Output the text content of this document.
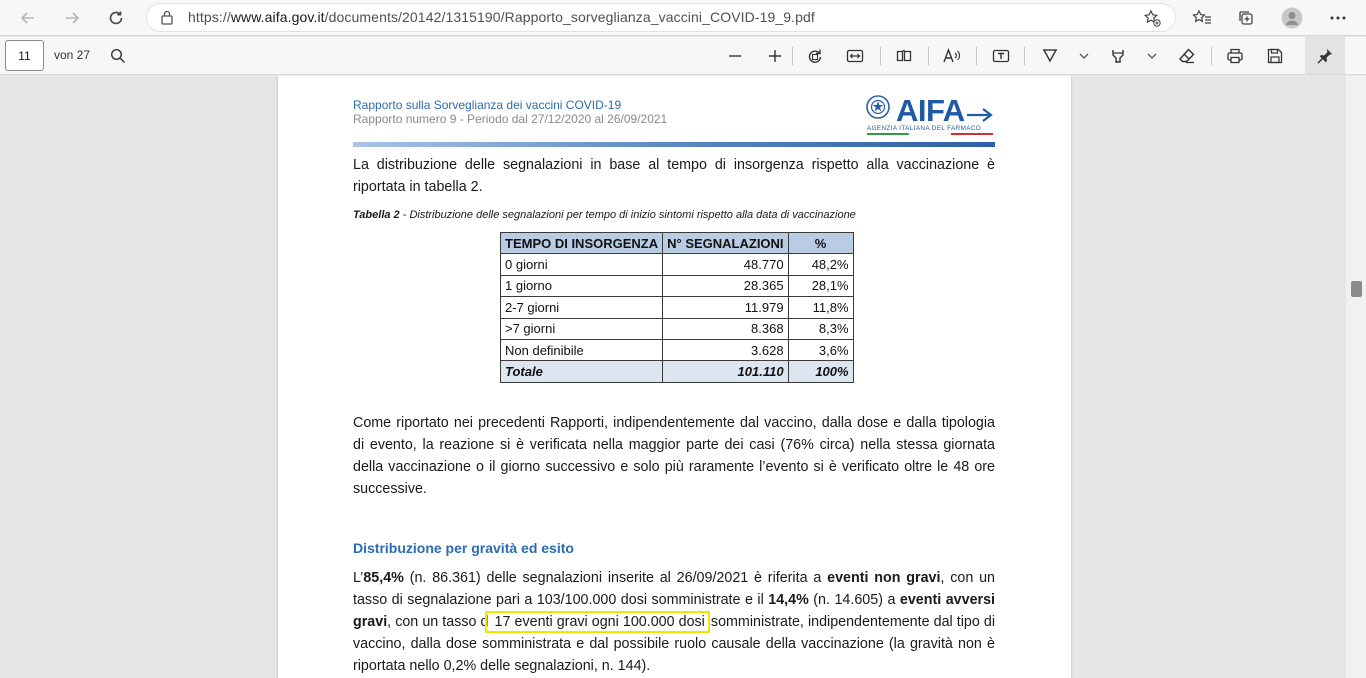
https://www.aifa.gov.it/documents/20142/1315190/Rapporto_sorveglianza_vaccini_COVID-19_9.pdf
11 von 27
Rapporto sulla Sorveglianza dei vaccini COVID-19
Rapporto numero 9 - Periodo dal 27/12/2020 al 26/09/2021	AIFA
AGENZIA ITALIANA DEL FARMACO
La distribuzione delle segnalazioni in base al tempo di insorgenza rispetto alla vaccinazione è riportata in tabella 2.
Tabella 2 - Distribuzione delle segnalazioni per tempo di inizio sintomi rispetto alla data di vaccinazione
TEMPO DI INSORGENZA	N° SEGNALAZIONI	%
0 giorni	48.770	48,2%
1 giorno	28.365	28,1%
2-7 giorni	11.979	11,8%
>7 giorni	8.368	8,3%
Non definibile	3.628	3,6%
Totale	101.110	100%
Come riportato nei precedenti Rapporti, indipendentemente dal vaccino, dalla dose e dalla tipologia di evento, la reazione si è verificata nella maggior parte dei casi (76% circa) nella stessa giornata della vaccinazione o il giorno successivo e solo più raramente l’evento si è verificato oltre le 48 ore successive.
Distribuzione per gravità ed esito
L’85,4% (n. 86.361) delle segnalazioni inserite al 26/09/2021 è riferita a eventi non gravi, con un tasso di segnalazione pari a 103/100.000 dosi somministrate e il 14,4% (n. 14.605) a eventi avversi gravi, con un tasso d 17 eventi gravi ogni 100.000 dosi somministrate, indipendentemente dal tipo di vaccino, dalla dose somministrata e dal possibile ruolo causale della vaccinazione (la gravità non è riportata nello 0,2% delle segnalazioni, n. 144).
